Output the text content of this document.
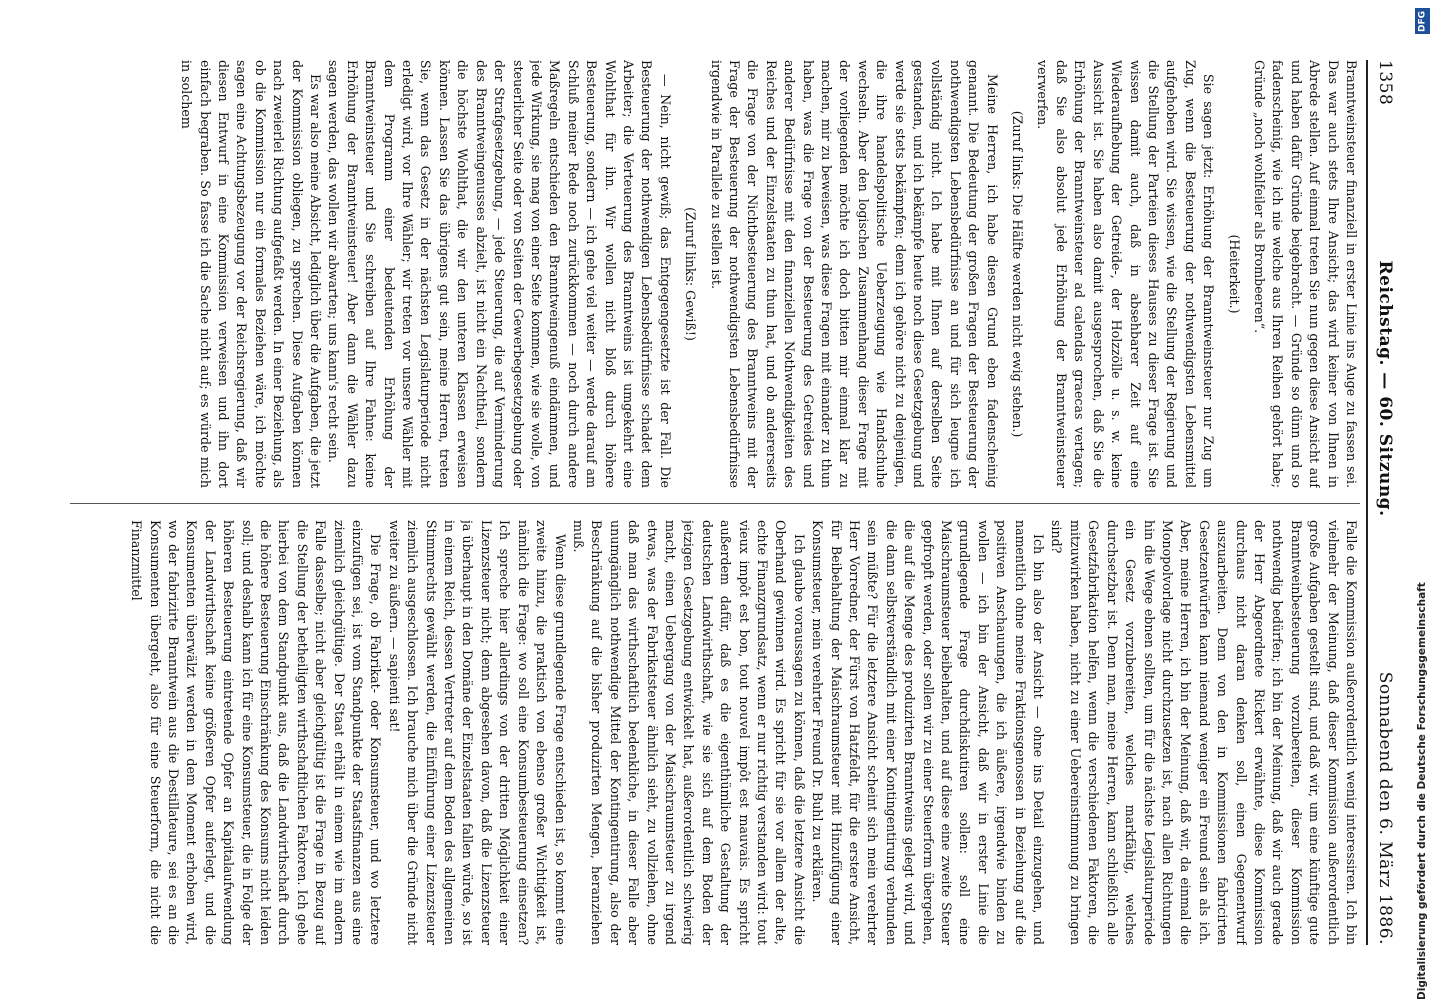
1358
Reichstag. — 60. Sitzung.
Sonnabend den 6. März 1886.

Branntweinsteuer finanziell in erster Linie ins Auge zu fassen sei. Das war auch stets Ihre Ansicht; das wird keiner von Ihnen in Abrede stellen. Auf einmal treten Sie nun gegen diese Ansicht auf und haben dafür Gründe beigebracht. — Gründe so dünn und so fadenscheinig, wie ich nie welche aus Ihren Reihen gehört habe; Gründe „noch wohlfeiler als Brombeeren“.

(Heiterkeit.)

Sie sagen jetzt: Erhöhung der Branntweinsteuer nur Zug um Zug, wenn die Besteuerung der nothwendigsten Lebensmittel aufgehoben wird. Sie wissen, wie die Stellung der Regierung und die Stellung der Parteien dieses Hauses zu dieser Frage ist. Sie wissen damit auch, daß in absehbarer Zeit auf eine Wiederaufhebung der Getreide-, der Holzzölle u. s. w. keine Aussicht ist. Sie haben also damit ausgesprochen, daß Sie die Erhöhung der Branntweinsteuer ad calendas graecas vertagen; daß Sie also absolut jede Erhöhung der Branntweinsteuer verwerfen.

(Zuruf links: Die Hälfte werden nicht ewig stehen.)

Meine Herren, ich habe diesen Grund eben fadenscheinig genannt. Die Bedeutung der großen Fragen der Besteuerung der nothwendigsten Lebensbedürfnisse an und für sich leugne ich vollständig nicht. Ich habe mit Ihnen auf derselben Seite gestanden, und ich bekämpfe heute noch diese Gesetzgebung und werde sie stets bekämpfen; denn ich gehöre nicht zu denjenigen, die ihre handelspolitische Ueberzeugung wie Handschuhe wechseln. Aber den logischen Zusammenhang dieser Frage mit der vorliegenden möchte ich doch bitten mir einmal klar zu machen, mir zu beweisen, was diese Fragen mit einander zu thun haben, was die Frage von der Besteuerung des Getreides und anderer Bedürfnisse mit den finanziellen Nothwendigkeiten des Reiches und der Einzelstaaten zu thun hat, und ob andererseits die Frage von der Nichtbesteuerung des Branntweins mit der Frage der Besteuerung der nothwendigsten Lebensbedürfnisse irgendwie in Parallele zu stellen ist.

(Zuruf links: Gewiß!)

— Nein, nicht gewiß; das Entgegengesetzte ist der Fall. Die Besteuerung der nothwendigen Lebensbedürfnisse schadet dem Arbeiter; die Verteuerung des Branntweins ist umgekehrt eine Wohlthat für ihn. Wir wollen nicht bloß durch höhere Besteuerung, sondern — ich gehe viel weiter — werde darauf am Schluß meiner Rede noch zurückkommen — noch durch andere Maßregeln entschieden den Branntweingenuß eindämmen, und jede Wirkung, sie mag von einer Seite kommen, wie sie wolle, von steuerlicher Seite oder von Seiten der Gewerbegesetzgebung oder der Strafgesetzgebung, — jede Steuerung, die auf Verminderung des Branntweingenusses abzielt, ist nicht ein Nachtheil, sondern die höchste Wohlthat, die wir den unteren Klassen erweisen können. Lassen Sie das übrigens gut sein, meine Herren, treten Sie, wenn das Gesetz in der nächsten Legislaturperiode nicht erledigt wird, vor Ihre Wähler; wir treten vor unsere Wähler mit dem Programm einer bedeutenden Erhöhung der Branntweinsteuer und Sie schreiben auf Ihre Fahne: keine Erhöhung der Branntweinsteuer! Aber dann die Wähler dazu sagen werden, das wollen wir abwarten; uns kann's recht sein.

Es war also meine Absicht, lediglich über die Aufgaben, die jetzt der Kommission obliegen, zu sprechen. Diese Aufgaben können nach zweierlei Richtung aufgefaßt werden. In einer Beziehung, als ob die Kommission nur ein formales Beziehen wäre, ich möchte sagen eine Achtungsbezeugung vor der Reichsregierung, daß wir diesen Entwurf in eine Kommission verweisen und ihn dort einfach begraben. So fasse ich die Sache nicht auf; es würde mich in solchem

Falle die Kommission außerordentlich wenig interessiren. Ich bin vielmehr der Meinung, daß dieser Kommission außerordentlich große Aufgaben gestellt sind, und daß wir, um eine künftige gute Branntweinbesteuerung vorzubereiten, dieser Kommission nothwendig bedürfen; ich bin der Meinung, daß wir auch gerade der Herr Abgeordnete Rickert erwähnte, diese Kommission durchaus nicht daran denken soll, einen Gegenentwurf auszuarbeiten. Denn von den in Kommissionen fabricirten Gesetzentwürfen kann niemand weniger ein Freund sein als ich. Aber, meine Herren, ich bin der Meinung, daß wir, da einmal die Monopolvorlage nicht durchzusetzen ist, nach allen Richtungen hin die Wege ebnen sollten, um für die nächste Legislaturperiode ein Gesetz vorzubereiten, welches markfähig, welches durchsetzbar ist. Denn man, meine Herren, kann schließlich alle Gesetzfabrikation helfen, wenn die verschiedenen Faktoren, die mitzuwirken haben, nicht zu einer Uebereinstimmung zu bringen sind?

Ich bin also der Ansicht — ohne ins Detail einzugehen, und namentlich ohne meine Fraktionsgenossen in Beziehung auf die positiven Anschauungen, die ich äußere, irgendwie binden zu wollen — ich bin der Ansicht, daß wir in erster Linie die grundlegende Frage durchdiskutiren sollen: soll eine Maischraumsteuer beibehalten, und auf diese eine zweite Steuer gepfropft werden, oder sollen wir zu einer Steuerform übergehen, die auf die Menge des produzirten Branntweins gelegt wird, und die dann selbstverständlich mit einer Kontingentirung verbunden sein müßte? Für die letztere Ansicht scheint sich mein verehrter Herr Vorredner, der Fürst von Hatzfeldt, für die erstere Ansicht, für Beibehaltung der Maischraumsteuer mit Hinzufügung einer Konsumsteuer, mein verehrter Freund Dr. Buhl zu erklären.

Ich glaube voraussagen zu können, daß die letztere Ansicht die Oberhand gewinnen wird. Es spricht für sie vor allem der alte, echte Finanzgrundsatz, wenn er nur richtig verstanden wird: tout vieux impôt est bon, tout nouvel impôt est mauvais. Es spricht außerdem dafür, daß es die eigenthümliche Gestaltung der deutschen Landwirthschaft, wie sie sich auf dem Boden der jetzigen Gesetzgebung entwickelt hat, außerordentlich schwierig macht, einen Uebergang von der Maischraumsteuer zu irgend etwas, was der Fabrikatsteuer ähnlich sieht, zu vollziehen, ohne daß man das wirthschaftlich bedenkliche, in dieser Falle aber unumgänglich nothwendige Mittel der Kontingentirung, also der Beschränkung auf die bisher produzirten Mengen, heranziehen muß.

Wenn diese grundlegende Frage entschieden ist, so kommt eine zweite hinzu, die praktisch von ebenso großer Wichtigkeit ist, nämlich die Frage: wo soll eine Konsumbesteuerung einsetzen? Ich spreche hier allerdings von der dritten Möglichkeit einer Lizenzsteuer nicht; denn abgesehen davon, daß die Lizenzsteuer ja überhaupt in den Domäne der Einzelstaaten fallen würde, so ist in einem Reich, dessen Vertreter auf dem Boden des allgemeinen Stimmrechts gewählt werden, die Einführung einer Lizenzsteuer ziemlich ausgeschlossen. Ich brauche mich über die Gründe nicht weiter zu äußern. — sapienti sat!

Die Frage, ob Fabrikat- oder Konsumsteuer, und wo letztere einzufügen sei, ist vom Standpunkte der Staatsfinanzen aus eine ziemlich gleichgültige. Der Staat erhält in einem wie im andern Falle dasselbe; nicht aber gleichgültig ist die Frage in Bezug auf die Stellung der betheiligten wirthschaftlichen Faktoren. Ich gehe hierbei von dem Standpunkt aus, daß die Landwirthschaft durch die höhere Besteuerung Einschränkung des Konsums nicht leiden soll; und deshalb kann ich für eine Konsumsteuer, die in Folge der höheren Besteuerung eintretende Opfer an Kapitalaufwendung der Landwirthschaft keine größeren Opfer auferlegt, und die Konsumenten überwälzt werden in dem Moment erhoben wird, wo der fabrizirte Branntwein aus die Destillateure, sei es an die Konsumenten übergeht, also für eine Steuerform, die nicht die Finanzmittel

DFG
Digitalisierung gefördert durch die Deutsche Forschungsgemeinschaft
